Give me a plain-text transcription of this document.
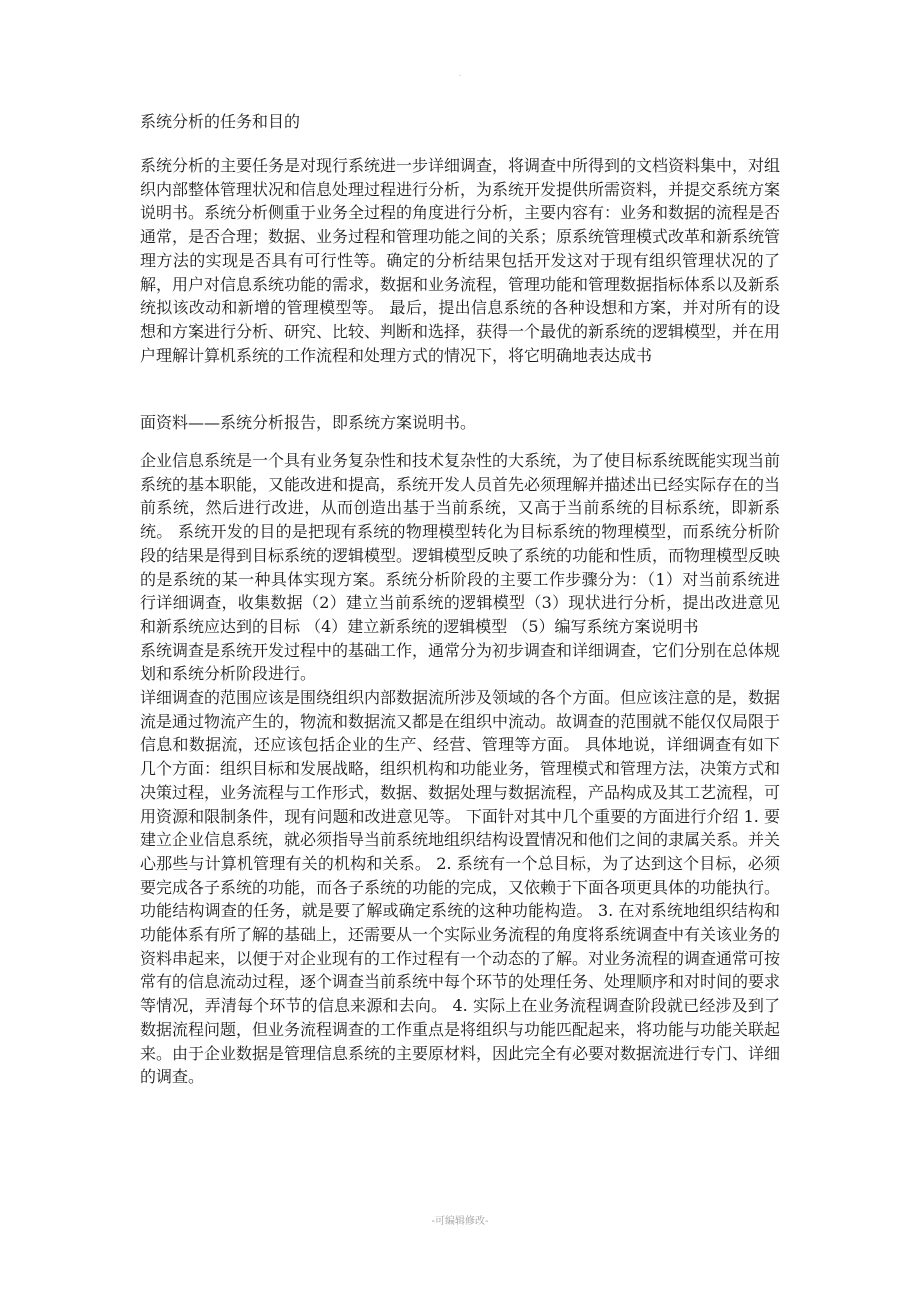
.
系统分析的任务和目的

系统分析的主要任务是对现行系统进一步详细调查，将调查中所得到的文档资料集中，对组织内部整体管理状况和信息处理过程进行分析，为系统开发提供所需资料，并提交系统方案说明书。系统分析侧重于业务全过程的角度进行分析，主要内容有：业务和数据的流程是否通常，是否合理；数据、业务过程和管理功能之间的关系；原系统管理模式改革和新系统管理方法的实现是否具有可行性等。确定的分析结果包括开发这对于现有组织管理状况的了解，用户对信息系统功能的需求，数据和业务流程，管理功能和管理数据指标体系以及新系统拟该改动和新增的管理模型等。 最后，提出信息系统的各种设想和方案，并对所有的设想和方案进行分析、研究、比较、判断和选择，获得一个最优的新系统的逻辑模型，并在用户理解计算机系统的工作流程和处理方式的情况下，将它明确地表达成书

面资料——系统分析报告，即系统方案说明书。

企业信息系统是一个具有业务复杂性和技术复杂性的大系统，为了使目标系统既能实现当前系统的基本职能，又能改进和提高，系统开发人员首先必须理解并描述出已经实际存在的当前系统，然后进行改进，从而创造出基于当前系统，又高于当前系统的目标系统，即新系统。 系统开发的目的是把现有系统的物理模型转化为目标系统的物理模型，而系统分析阶段的结果是得到目标系统的逻辑模型。逻辑模型反映了系统的功能和性质，而物理模型反映的是系统的某一种具体实现方案。系统分析阶段的主要工作步骤分为：（1）对当前系统进行详细调查，收集数据（2）建立当前系统的逻辑模型（3）现状进行分析，提出改进意见和新系统应达到的目标 （4）建立新系统的逻辑模型 （5）编写系统方案说明书

系统调查是系统开发过程中的基础工作，通常分为初步调查和详细调查，它们分别在总体规划和系统分析阶段进行。

详细调查的范围应该是围绕组织内部数据流所涉及领域的各个方面。但应该注意的是，数据流是通过物流产生的，物流和数据流又都是在组织中流动。故调查的范围就不能仅仅局限于信息和数据流，还应该包括企业的生产、经营、管理等方面。 具体地说，详细调查有如下几个方面：组织目标和发展战略，组织机构和功能业务，管理模式和管理方法，决策方式和决策过程，业务流程与工作形式，数据、数据处理与数据流程，产品构成及其工艺流程，可用资源和限制条件，现有问题和改进意见等。 下面针对其中几个重要的方面进行介绍 1. 要建立企业信息系统，就必须指导当前系统地组织结构设置情况和他们之间的隶属关系。并关心那些与计算机管理有关的机构和关系。 2. 系统有一个总目标，为了达到这个目标，必须要完成各子系统的功能，而各子系统的功能的完成，又依赖于下面各项更具体的功能执行。功能结构调查的任务，就是要了解或确定系统的这种功能构造。 3. 在对系统地组织结构和功能体系有所了解的基础上，还需要从一个实际业务流程的角度将系统调查中有关该业务的资料串起来，以便于对企业现有的工作过程有一个动态的了解。对业务流程的调查通常可按常有的信息流动过程，逐个调查当前系统中每个环节的处理任务、处理顺序和对时间的要求等情况，弄清每个环节的信息来源和去向。 4. 实际上在业务流程调查阶段就已经涉及到了数据流程问题，但业务流程调查的工作重点是将组织与功能匹配起来，将功能与功能关联起来。由于企业数据是管理信息系统的主要原材料，因此完全有必要对数据流进行专门、详细的调查。

-可编辑修改-
